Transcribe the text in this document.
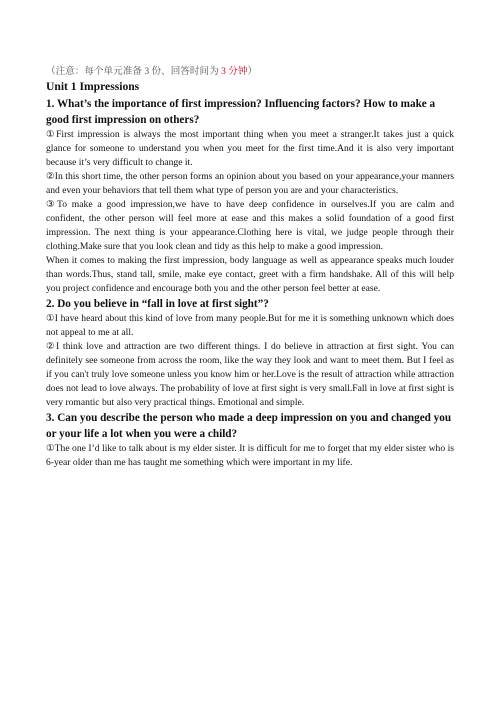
（注意：每个单元准备 3 份、回答时间为 3 分钟）
Unit 1 Impressions

1. What’s the importance of first impression? Influencing factors? How to make a good first impression on others?

①First impression is always the most important thing when you meet a stranger.It takes just a quick glance for someone to understand you when you meet for the first time.And it is also very important because it’s very difficult to change it.

②In this short time, the other person forms an opinion about you based on your appearance,your manners and even your behaviors that tell them what type of person you are and your characteristics.

③To make a good impression,we have to have deep confidence in ourselves.If you are calm and confident, the other person will feel more at ease and this makes a solid foundation of a good first impression. The next thing is your appearance.Clothing here is vital, we judge people through their clothing.Make sure that you look clean and tidy as this help to make a good impression.

When it comes to making the first impression, body language as well as appearance speaks much louder than words.Thus, stand tall, smile, make eye contact, greet with a firm handshake. All of this will help you project confidence and encourage both you and the other person feel better at ease.

2. Do you believe in “fall in love at first sight”?

①I have heard about this kind of love from many people.But for me it is something unknown which does not appeal to me at all.

②I think love and attraction are two different things. I do believe in attraction at first sight. You can definitely see someone from across the room, like the way they look and want to meet them. But I feel as if you can't truly love someone unless you know him or her.Love is the result of attraction while attraction does not lead to love always. The probability of love at first sight is very small.Fall in love at first sight is very romantic but also very practical things. Emotional and simple.

3. Can you describe the person who made a deep impression on you and changed you or your life a lot when you were a child?

①The one I’d like to talk about is my elder sister. It is difficult for me to forget that my elder sister who is 6-year older than me has taught me something which were important in my life.
